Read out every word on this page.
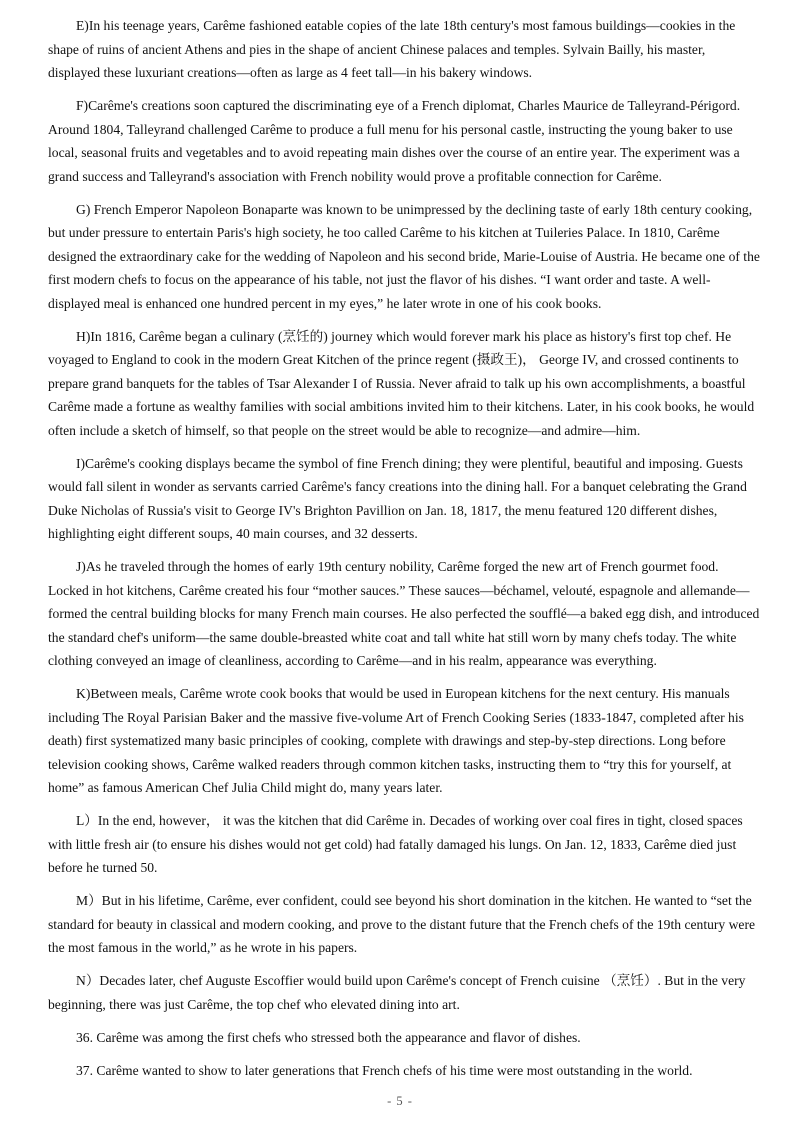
E)In his teenage years, Carême fashioned eatable copies of the late 18th century's most famous buildings—cookies in the shape of ruins of ancient Athens and pies in the shape of ancient Chinese palaces and temples. Sylvain Bailly, his master, displayed these luxuriant creations—often as large as 4 feet tall—in his bakery windows.

F)Carême's creations soon captured the discriminating eye of a French diplomat, Charles Maurice de Talleyrand-Périgord. Around 1804, Talleyrand challenged Carême to produce a full menu for his personal castle, instructing the young baker to use local, seasonal fruits and vegetables and to avoid repeating main dishes over the course of an entire year. The experiment was a grand success and Talleyrand's association with French nobility would prove a profitable connection for Carême.

G) French Emperor Napoleon Bonaparte was known to be unimpressed by the declining taste of early 18th century cooking, but under pressure to entertain Paris's high society, he too called Carême to his kitchen at Tuileries Palace. In 1810, Carême designed the extraordinary cake for the wedding of Napoleon and his second bride, Marie-Louise of Austria. He became one of the first modern chefs to focus on the appearance of his table, not just the flavor of his dishes. “I want order and taste. A well-displayed meal is enhanced one hundred percent in my eyes,” he later wrote in one of his cook books.

H)In 1816, Carême began a culinary (烹饪的) journey which would forever mark his place as history's first top chef. He voyaged to England to cook in the modern Great Kitchen of the prince regent (摄政王)， George IV, and crossed continents to prepare grand banquets for the tables of Tsar Alexander I of Russia. Never afraid to talk up his own accomplishments, a boastful Carême made a fortune as wealthy families with social ambitions invited him to their kitchens. Later, in his cook books, he would often include a sketch of himself, so that people on the street would be able to recognize—and admire—him.

I)Carême's cooking displays became the symbol of fine French dining; they were plentiful, beautiful and imposing. Guests would fall silent in wonder as servants carried Carême's fancy creations into the dining hall. For a banquet celebrating the Grand Duke Nicholas of Russia's visit to George IV's Brighton Pavillion on Jan. 18, 1817, the menu featured 120 different dishes, highlighting eight different soups, 40 main courses, and 32 desserts.

J)As he traveled through the homes of early 19th century nobility, Carême forged the new art of French gourmet food. Locked in hot kitchens, Carême created his four “mother sauces.” These sauces—béchamel, velouté, espagnole and allemande—formed the central building blocks for many French main courses. He also perfected the soufflé—a baked egg dish, and introduced the standard chef's uniform—the same double-breasted white coat and tall white hat still worn by many chefs today. The white clothing conveyed an image of cleanliness, according to Carême—and in his realm, appearance was everything.

K)Between meals, Carême wrote cook books that would be used in European kitchens for the next century. His manuals including The Royal Parisian Baker and the massive five-volume Art of French Cooking Series (1833-1847, completed after his death) first systematized many basic principles of cooking, complete with drawings and step-by-step directions. Long before television cooking shows, Carême walked readers through common kitchen tasks, instructing them to “try this for yourself, at home” as famous American Chef Julia Child might do, many years later.

L）In the end, however， it was the kitchen that did Carême in. Decades of working over coal fires in tight, closed spaces with little fresh air (to ensure his dishes would not get cold) had fatally damaged his lungs. On Jan. 12, 1833, Carême died just before he turned 50.

M）But in his lifetime, Carême, ever confident, could see beyond his short domination in the kitchen. He wanted to “set the standard for beauty in classical and modern cooking, and prove to the distant future that the French chefs of the 19th century were the most famous in the world,” as he wrote in his papers.

N）Decades later, chef Auguste Escoffier would build upon Carême's concept of French cuisine （烹饪）. But in the very beginning, there was just Carême, the top chef who elevated dining into art.

36. Carême was among the first chefs who stressed both the appearance and flavor of dishes.

37. Carême wanted to show to later generations that French chefs of his time were most outstanding in the world.

- 5 -
